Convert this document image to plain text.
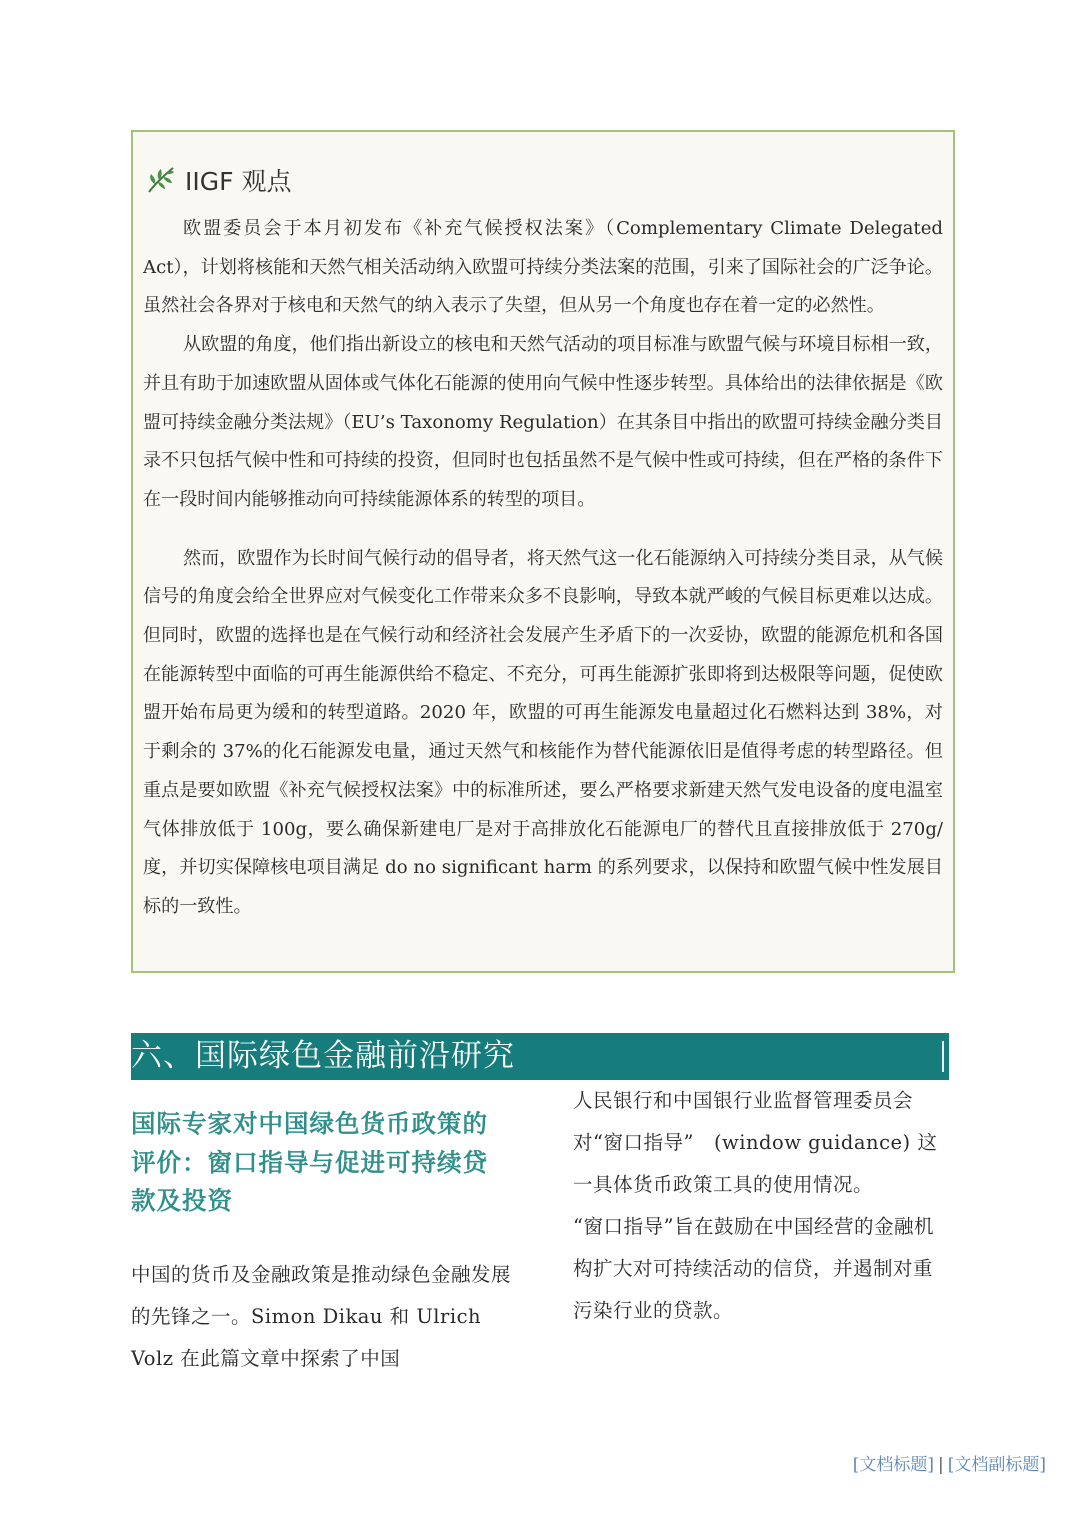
IIGF 观点

欧盟委员会于本月初发布《补充气候授权法案》（Complementary Climate Delegated Act），计划将核能和天然气相关活动纳入欧盟可持续分类法案的范围，引来了国际社会的广泛争论。虽然社会各界对于核电和天然气的纳入表示了失望，但从另一个角度也存在着一定的必然性。

从欧盟的角度，他们指出新设立的核电和天然气活动的项目标准与欧盟气候与环境目标相一致，并且有助于加速欧盟从固体或气体化石能源的使用向气候中性逐步转型。具体给出的法律依据是《欧盟可持续金融分类法规》（EU’s Taxonomy Regulation）在其条目中指出的欧盟可持续金融分类目录不只包括气候中性和可持续的投资，但同时也包括虽然不是气候中性或可持续，但在严格的条件下在一段时间内能够推动向可持续能源体系的转型的项目。

然而，欧盟作为长时间气候行动的倡导者，将天然气这一化石能源纳入可持续分类目录，从气候信号的角度会给全世界应对气候变化工作带来众多不良影响，导致本就严峻的气候目标更难以达成。但同时，欧盟的选择也是在气候行动和经济社会发展产生矛盾下的一次妥协，欧盟的能源危机和各国在能源转型中面临的可再生能源供给不稳定、不充分，可再生能源扩张即将到达极限等问题，促使欧盟开始布局更为缓和的转型道路。2020 年，欧盟的可再生能源发电量超过化石燃料达到 38%，对于剩余的 37%的化石能源发电量，通过天然气和核能作为替代能源依旧是值得考虑的转型路径。但重点是要如欧盟《补充气候授权法案》中的标准所述，要么严格要求新建天然气发电设备的度电温室气体排放低于 100g，要么确保新建电厂是对于高排放化石能源电厂的替代且直接排放低于 270g/度，并切实保障核电项目满足 do no significant harm 的系列要求，以保持和欧盟气候中性发展目标的一致性。

六、国际绿色金融前沿研究
国际专家对中国绿色货币政策的评价：窗口指导与促进可持续贷款及投资

中国的货币及金融政策是推动绿色金融发展的先锋之一。Simon Dikau 和 Ulrich Volz 在此篇文章中探索了中国

人民银行和中国银行业监督管理委员会对“窗口指导”　(window guidance) 这一具体货币政策工具的使用情况。

“窗口指导”旨在鼓励在中国经营的金融机构扩大对可持续活动的信贷，并遏制对重污染行业的贷款。

[文档标题] | [文档副标题]
